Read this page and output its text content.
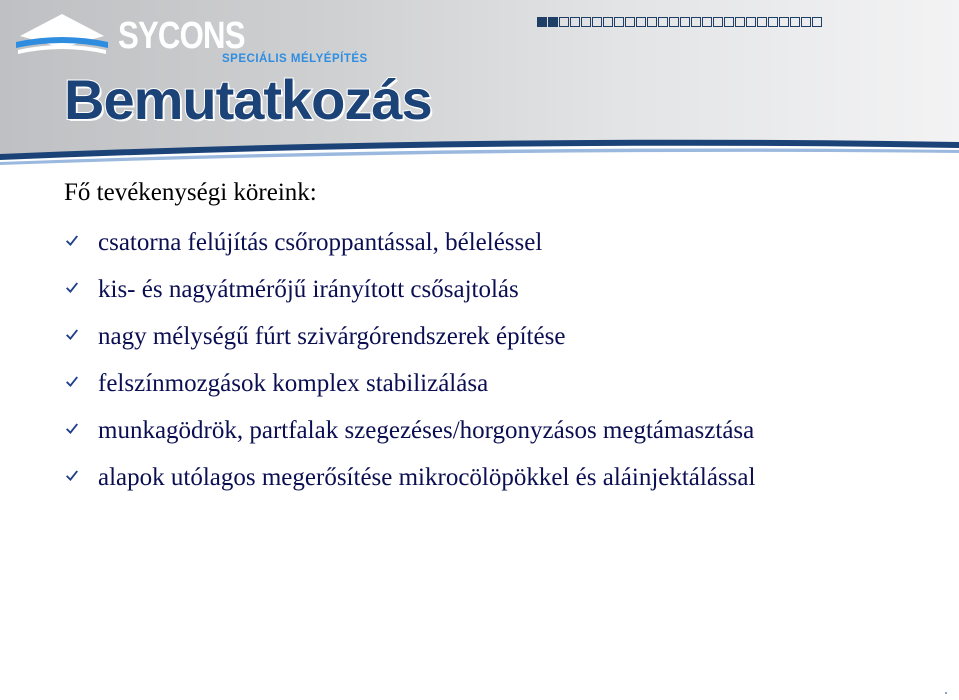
SYCONS
SPECIÁLIS MÉLYÉPÍTÉS
Bemutatkozás
Fő tevékenységi köreink:
csatorna felújítás csőroppantással, béleléssel
kis- és nagyátmérőjű irányított csősajtolás
nagy mélységű fúrt szivárgórendszerek építése
felszínmozgások komplex stabilizálása
munkagödrök, partfalak szegezéses/horgonyzásos megtámasztása
alapok utólagos megerősítése mikrocölöpökkel és aláinjektálással
